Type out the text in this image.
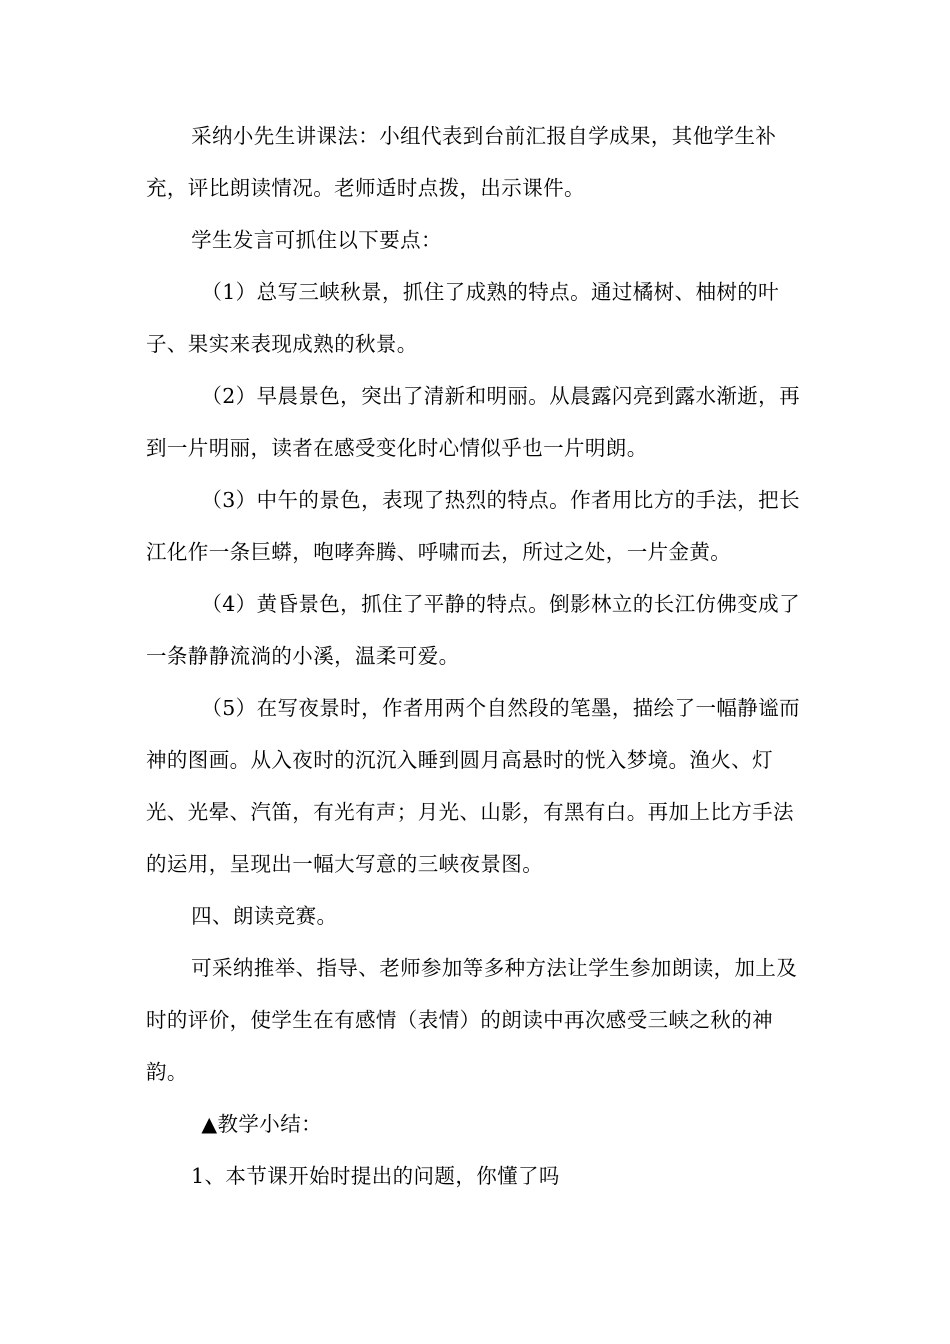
采纳小先生讲课法：小组代表到台前汇报自学成果，其他学生补充，评比朗读情况。老师适时点拨，出示课件。

学生发言可抓住以下要点：

（1）总写三峡秋景，抓住了成熟的特点。通过橘树、柚树的叶子、果实来表现成熟的秋景。

（2）早晨景色，突出了清新和明丽。从晨露闪亮到露水渐逝，再到一片明丽，读者在感受变化时心情似乎也一片明朗。

（3）中午的景色，表现了热烈的特点。作者用比方的手法，把长江化作一条巨蟒，咆哮奔腾、呼啸而去，所过之处，一片金黄。

（4）黄昏景色，抓住了平静的特点。倒影林立的长江仿佛变成了一条静静流淌的小溪，温柔可爱。

（5）在写夜景时，作者用两个自然段的笔墨，描绘了一幅静谧而神的图画。从入夜时的沉沉入睡到圆月高悬时的恍入梦境。渔火、灯光、光晕、汽笛，有光有声；月光、山影，有黑有白。再加上比方手法的运用，呈现出一幅大写意的三峡夜景图。

四、朗读竞赛。

可采纳推举、指导、老师参加等多种方法让学生参加朗读，加上及时的评价，使学生在有感情（表情）的朗读中再次感受三峡之秋的神韵。

▲教学小结：

1、本节课开始时提出的问题，你懂了吗
